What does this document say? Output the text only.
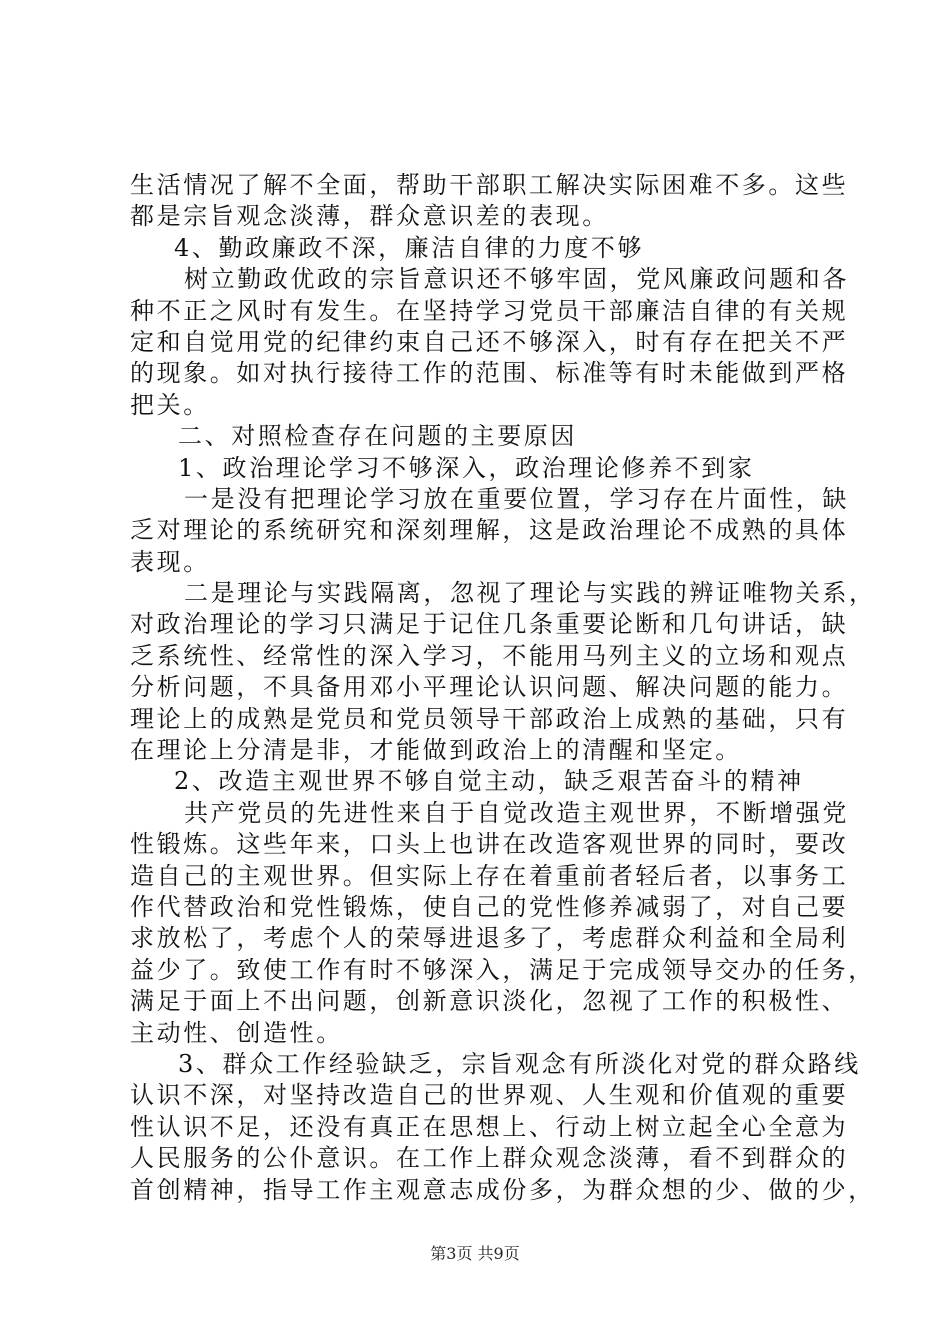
生活情况了解不全面，帮助干部职工解决实际困难不多。这些
都是宗旨观念淡薄，群众意识差的表现。
4、勤政廉政不深，廉洁自律的力度不够
树立勤政优政的宗旨意识还不够牢固，党风廉政问题和各
种不正之风时有发生。在坚持学习党员干部廉洁自律的有关规
定和自觉用党的纪律约束自己还不够深入，时有存在把关不严
的现象。如对执行接待工作的范围、标准等有时未能做到严格
把关。
二、对照检查存在问题的主要原因
1、政治理论学习不够深入，政治理论修养不到家
一是没有把理论学习放在重要位置，学习存在片面性，缺
乏对理论的系统研究和深刻理解，这是政治理论不成熟的具体
表现。
二是理论与实践隔离，忽视了理论与实践的辨证唯物关系，
对政治理论的学习只满足于记住几条重要论断和几句讲话，缺
乏系统性、经常性的深入学习，不能用马列主义的立场和观点
分析问题，不具备用邓小平理论认识问题、解决问题的能力。
理论上的成熟是党员和党员领导干部政治上成熟的基础，只有
在理论上分清是非，才能做到政治上的清醒和坚定。
2、改造主观世界不够自觉主动，缺乏艰苦奋斗的精神
共产党员的先进性来自于自觉改造主观世界，不断增强党
性锻炼。这些年来，口头上也讲在改造客观世界的同时，要改
造自己的主观世界。但实际上存在着重前者轻后者，以事务工
作代替政治和党性锻炼，使自己的党性修养减弱了，对自己要
求放松了，考虑个人的荣辱进退多了，考虑群众利益和全局利
益少了。致使工作有时不够深入，满足于完成领导交办的任务，
满足于面上不出问题，创新意识淡化，忽视了工作的积极性、
主动性、创造性。
3、群众工作经验缺乏，宗旨观念有所淡化对党的群众路线
认识不深，对坚持改造自己的世界观、人生观和价值观的重要
性认识不足，还没有真正在思想上、行动上树立起全心全意为
人民服务的公仆意识。在工作上群众观念淡薄，看不到群众的
首创精神，指导工作主观意志成份多，为群众想的少、做的少，
第3页 共9页
